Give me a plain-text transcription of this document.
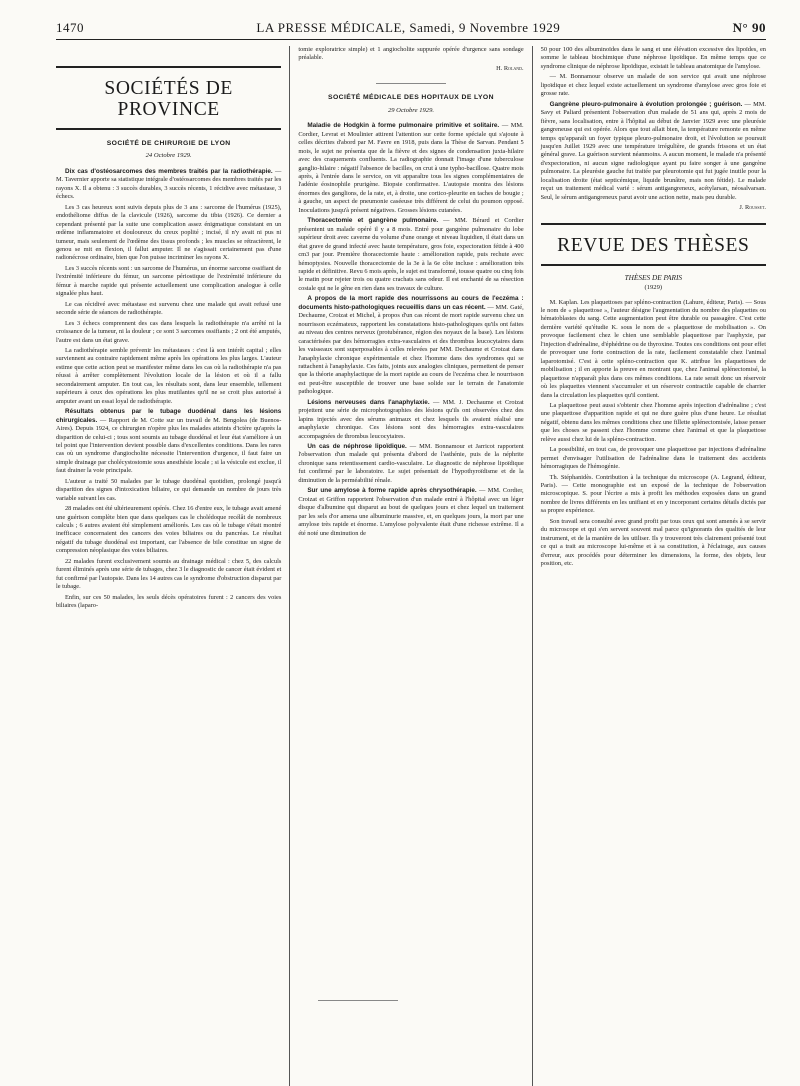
1470	LA PRESSE MÉDICALE, Samedi, 9 Novembre 1929	N° 90
SOCIÉTÉS DE PROVINCE
SOCIÉTÉ DE CHIRURGIE DE LYON
24 Octobre 1929.

Dix cas d'ostéosarcomes des membres traités par la radiothérapie. — M. Tavernier apporte sa statistique intégrale d'ostéosarcomes des membres traités par les rayons X. Il a obtenu : 3 succès durables, 3 succès récents, 1 récidive avec métastase, 3 échecs.

Les 3 cas heureux sont suivis depuis plus de 3 ans : sarcome de l'humérus (1925), endothéliome diffus de la clavicule (1926), sarcome du tibia (1926). Ce dernier a cependant présenté par la suite une complication assez énigmatique consistant en un œdème inflammatoire et douloureux du creux poplité ; incisé, il n'y avait ni pus ni tumeur, mais seulement de l'œdème des tissus profonds ; les muscles se rétractèrent, le genou se mit en flexion, il fallut amputer. Il ne s'agissait certainement pas d'une radionécrose ordinaire, bien que l'on puisse incriminer les rayons X.

Les 3 succès récents sont : un sarcome de l'humérus, un énorme sarcome ossifiant de l'extrémité inférieure du fémur, un sarcome périostique de l'extrémité inférieure du fémur à marche rapide qui présente actuellement une complication analogue à celle signalée plus haut.

Le cas récidivé avec métastase est survenu chez une malade qui avait refusé une seconde série de séances de radiothérapie.

Les 3 échecs comprennent des cas dans lesquels la radiothérapie n'a arrêté ni la croissance de la tumeur, ni la douleur ; ce sont 3 sarcomes ossifiants ; 2 ont été amputés, l'autre est dans un état grave.

La radiothérapie semble prévenir les métastases : c'est là son intérêt capital ; elles surviennent au contraire rapidement même après les opérations les plus larges. L'auteur estime que cette action peut se manifester même dans les cas où la radiothérapie n'a pas réussi à arrêter complètement l'évolution locale de la lésion et où il a fallu secondairement amputer. En tout cas, les résultats sont, dans leur ensemble, tellement supérieurs à ceux des opérations les plus mutilantes qu'il ne se croit plus autorisé à amputer avant un essai loyal de radiothérapie.

Résultats obtenus par le tubage duodénal dans les lésions chirurgicales. — Rapport de M. Cotte sur un travail de M. Bengolea (de Buenos-Aires). Depuis 1924, ce chirurgien n'opère plus les malades atteints d'ictère qu'après la disparition de celui-ci ; tous sont soumis au tubage duodénal et leur état s'améliore à un tel point que l'intervention devient possible dans d'excellentes conditions. Dans les rares cas où un syndrome d'angiocholite nécessite l'intervention d'urgence, il faut faire un simple drainage par cholécystostomie sous anesthésie locale ; si la vésicule est exclue, il faut drainer la voie principale.

L'auteur a traité 50 malades par le tubage duodénal quotidien, prolongé jusqu'à disparition des signes d'intoxication biliaire, ce qui demande un nombre de jours très variable suivant les cas.

28 malades ont été ultérieurement opérés. Chez 16 d'entre eux, le tubage avait amené une guérison complète bien que dans quelques cas le cholédoque recélât de nombreux calculs ; 6 autres avaient été simplement améliorés. Les cas où le tubage s'était montré inefficace concernaient des cancers des voies biliaires ou du pancréas. Le résultat négatif du tubage duodénal est important, car l'absence de bile constitue un signe de compression néoplasique des voies biliaires.

22 malades furent exclusivement soumis au drainage médical : chez 5, des calculs furent éliminés après une série de tubages, chez 3 le diagnostic de cancer était évident et fut confirmé par l'autopsie. Dans les 14 autres cas le syndrome d'obstruction disparut par le tubage.

Enfin, sur ces 50 malades, les seuls décès opératoires furent : 2 cancers des voies biliaires (laparo-

tomie exploratrice simple) et 1 angiocholite suppurée opérée d'urgence sans sondage préalable.

H. Roland.
SOCIÉTÉ MÉDICALE DES HOPITAUX DE LYON
29 Octobre 1929.

Maladie de Hodgkin à forme pulmonaire primitive et solitaire. — MM. Cordier, Levrat et Moulinier attirent l'attention sur cette forme spéciale qui s'ajoute à celles décrites d'abord par M. Favre en 1918, puis dans la Thèse de Sarvan. Pendant 5 mois, le sujet ne présenta que de la fièvre et des signes de condensation juxta-hilaire avec des craquements confluents. La radiographie donnait l'image d'une tuberculose ganglio-hilaire : négatif l'absence de bacilles, on crut à une typho-bacillose. Quatre mois après, à l'entrée dans le service, on vit apparaître tous les signes complémentaires de l'adénie éosinophile prurigène. Biopsie confirmative. L'autopsie montra des lésions énormes des ganglions, de la rate, et, à droite, une cortico-pleurite en taches de bougie ; à gauche, un aspect de pneumonie caséeuse très différent de celui du poumon opposé. Inoculations jusqu'à présent négatives. Grosses lésions cutanées.

Thoracectomie et gangrène pulmonaire. — MM. Bérard et Cordier présentent un malade opéré il y a 8 mois. Entré pour gangrène pulmonaire du lobe supérieur droit avec caverne du volume d'une orange et niveau liquidien, il était dans un état grave de grand infecté avec haute température, gros foie, expectoration fétide à 400 cm3 par jour. Première thoracectomie haute : amélioration rapide, puis rechute avec hémoptysies. Nouvelle thoracectomie de la 3e à la 6e côte incluse : amélioration très rapide et définitive. Revu 6 mois après, le sujet est transformé, tousse quatre ou cinq fois le matin pour rejeter trois ou quatre crachats sans odeur. Il est enchanté de sa résection costale qui ne le gêne en rien dans ses travaux de culture.

A propos de la mort rapide des nourrissons au cours de l'eczéma : documents histo-pathologiques recueillis dans un cas récent. — MM. Gaté, Dechaume, Croizat et Michel, à propos d'un cas récent de mort rapide survenu chez un nourrisson eczémateux, rapportent les constatations histo-pathologiques qu'ils ont faites au niveau des centres nerveux (protubérance, région des noyaux de la base). Les lésions caractérisées par des hémorragies extra-vasculaires et des thrombus leucocytaires dans les vaisseaux sont superposables à celles relevées par MM. Dechaume et Croizat dans l'anaphylaxie chronique expérimentale et chez l'homme dans des syndromes qui se rattachent à l'anaphylaxie. Ces faits, joints aux analogies cliniques, permettent de penser que la théorie anaphylactique de la mort rapide au cours de l'eczéma chez le nourrisson est peut-être susceptible de trouver une base solide sur le terrain de l'anatomie pathologique.

Lésions nerveuses dans l'anaphylaxie. — MM. J. Dechaume et Croizat projettent une série de microphotographies des lésions qu'ils ont observées chez des lapins injectés avec des sérums animaux et chez lesquels ils avaient réalisé une anaphylaxie chronique. Ces lésions sont des hémorragies extra-vasculaires accompagnées de thrombus leucocytaires.

Un cas de néphrose lipoïdique. — MM. Bonnamour et Jarricot rapportent l'observation d'un malade qui présenta d'abord de l'asthénie, puis de la néphrite chronique sans retentissement cardio-vasculaire. Le diagnostic de néphrose lipoïdique fut confirmé par le laboratoire. Le sujet présentait de l'hypothyroïdisme et de la diminution de la perméabilité rénale.

Sur une amylose à forme rapide après chrysothérapie. — MM. Cordier, Croizat et Griffon rapportent l'observation d'un malade entré à l'hôpital avec un léger disque d'albumine qui disparut au bout de quelques jours et chez lequel un traitement par les sels d'or amena une albuminurie massive, et, en quelques jours, la mort par une amylose très rapide et énorme. L'amylose polyvalente était d'une richesse extrême. Il a été noté une diminution de

50 pour 100 des albuminoïdes dans le sang et une élévation excessive des lipoïdes, en somme le tableau biochimique d'une néphrose lipoïdique. En même temps que ce syndrome clinique de néphrose lipoïdique, existait le tableau anatomique de l'amylose.

— M. Bonnamour observe un malade de son service qui avait une néphrose lipoïdique et chez lequel existe actuellement un syndrome d'amylose avec gros foie et grosse rate.

Gangrène pleuro-pulmonaire à évolution prolongée ; guérison. — MM. Savy et Paliard présentent l'observation d'un malade de 51 ans qui, après 2 mois de fièvre, sans localisation, entre à l'hôpital au début de Janvier 1929 avec une pleurésie gangreneuse qui est opérée. Alors que tout allait bien, la température remonte en même temps qu'apparaît un foyer typique pleuro-pulmonaire droit, et l'évolution se poursuit jusqu'en Juillet 1929 avec une température irrégulière, de grands frissons et un état général grave. La guérison survient néanmoins. A aucun moment, le malade n'a présenté d'expectoration, ni aucun signe radiologique ayant pu faire songer à une gangrène pulmonaire. La pleurésie gauche fut traitée par pleurotomie qui fut jugée inutile pour la localisation droite (état septicémique, liquide brunâtre, mais non fétide). Le malade reçut un traitement médical varié : sérum antigangreneux, acétylarsan, néosalvarsan. Seul, le sérum antigangreneux parut avoir une action nette, mais peu durable.

J. Rousset.
REVUE DES THÈSES
THÈSES DE PARIS
(1929)

M. Kaplan. Les plaquettoses par spléno-contraction (Lahure, éditeur, Paris). — Sous le nom de « plaquettose », l'auteur désigne l'augmentation du nombre des plaquettes ou hématoblastes du sang. Cette augmentation peut être durable ou passagère. C'est cette dernière variété qu'étudie K. sous le nom de « plaquettose de mobilisation ». On provoque facilement chez le chien une semblable plaquettose par l'asphyxie, par l'injection d'adrénaline, d'éphédrine ou de thyroxine. Toutes ces conditions ont pour effet de provoquer une forte contraction de la rate, facilement constatable chez l'animal laparotomisé. C'est à cette spléno-contraction que K. attribue les plaquettoses de mobilisation ; il en apporte la preuve en montrant que, chez l'animal splénectomisé, la plaquettose n'apparaît plus dans ces mêmes conditions. La rate serait donc un réservoir où les plaquettes viennent s'accumuler et un réservoir contractile capable de charrier dans la circulation les plaquettes qu'il contient.

La plaquettose peut aussi s'obtenir chez l'homme après injection d'adrénaline ; c'est une plaquettose d'apparition rapide et qui ne dure guère plus d'une heure. Le résultat négatif, obtenu dans les mêmes conditions chez une fillette splénectomisée, laisse penser que les choses se passent chez l'homme comme chez l'animal et que la plaquettose relève aussi chez lui de la spléno-contraction.

La possibilité, en tout cas, de provoquer une plaquettose par injections d'adrénaline permet d'envisager l'utilisation de l'adrénaline dans le traitement des accidents hémorragiques de l'hémogénie.

Th. Stéphanidès. Contribution à la technique du microscope (A. Legrand, éditeur, Paris). — Cette monographie est un exposé de la technique de l'observation microscopique. S. pour l'écrire a mis à profit les méthodes exposées dans un grand nombre de livres différents en les unifiant et en y incorporant certains détails dictés par sa propre expérience.

Son travail sera consulté avec grand profit par tous ceux qui sont amenés à se servir du microscope et qui s'en servent souvent mal parce qu'ignorants des qualités de leur instrument, et de la manière de les utiliser. Ils y trouveront très clairement présenté tout ce qui a trait au microscope lui-même et à sa constitution, à l'éclairage, aux causes d'erreur, aux procédés pour déterminer les dimensions, la forme, des objets, leur position, etc.
